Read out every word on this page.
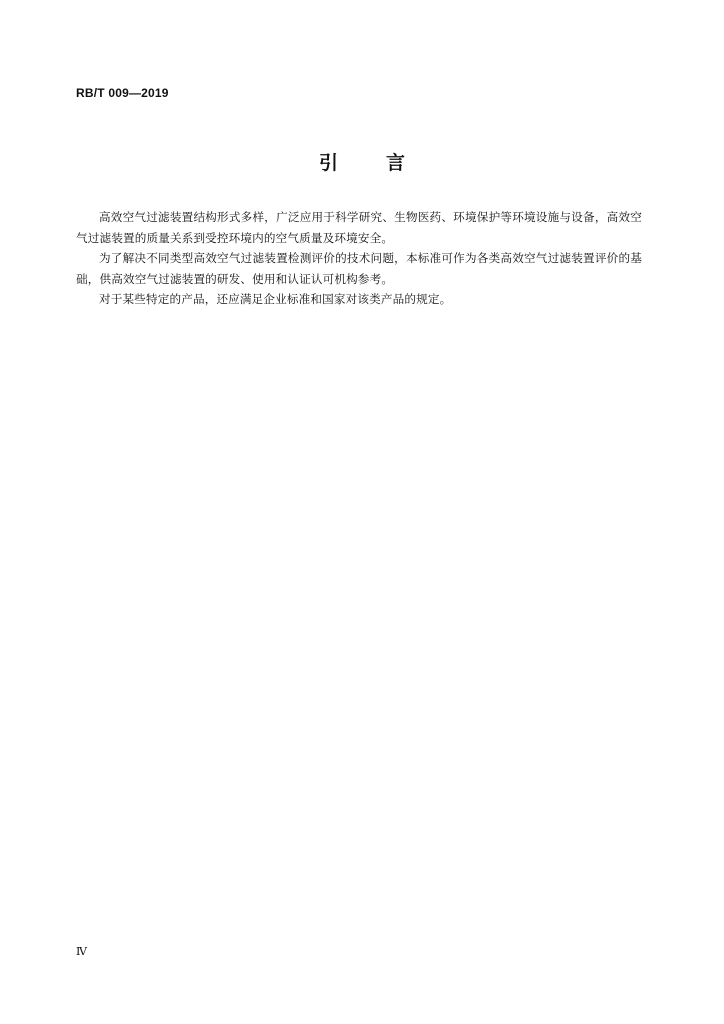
RB/T 009—2019
引言

高效空气过滤装置结构形式多样，广泛应用于科学研究、生物医药、环境保护等环境设施与设备，高效空气过滤装置的质量关系到受控环境内的空气质量及环境安全。

为了解决不同类型高效空气过滤装置检测评价的技术问题，本标准可作为各类高效空气过滤装置评价的基础，供高效空气过滤装置的研发、使用和认证认可机构参考。

对于某些特定的产品，还应满足企业标准和国家对该类产品的规定。

Ⅳ
